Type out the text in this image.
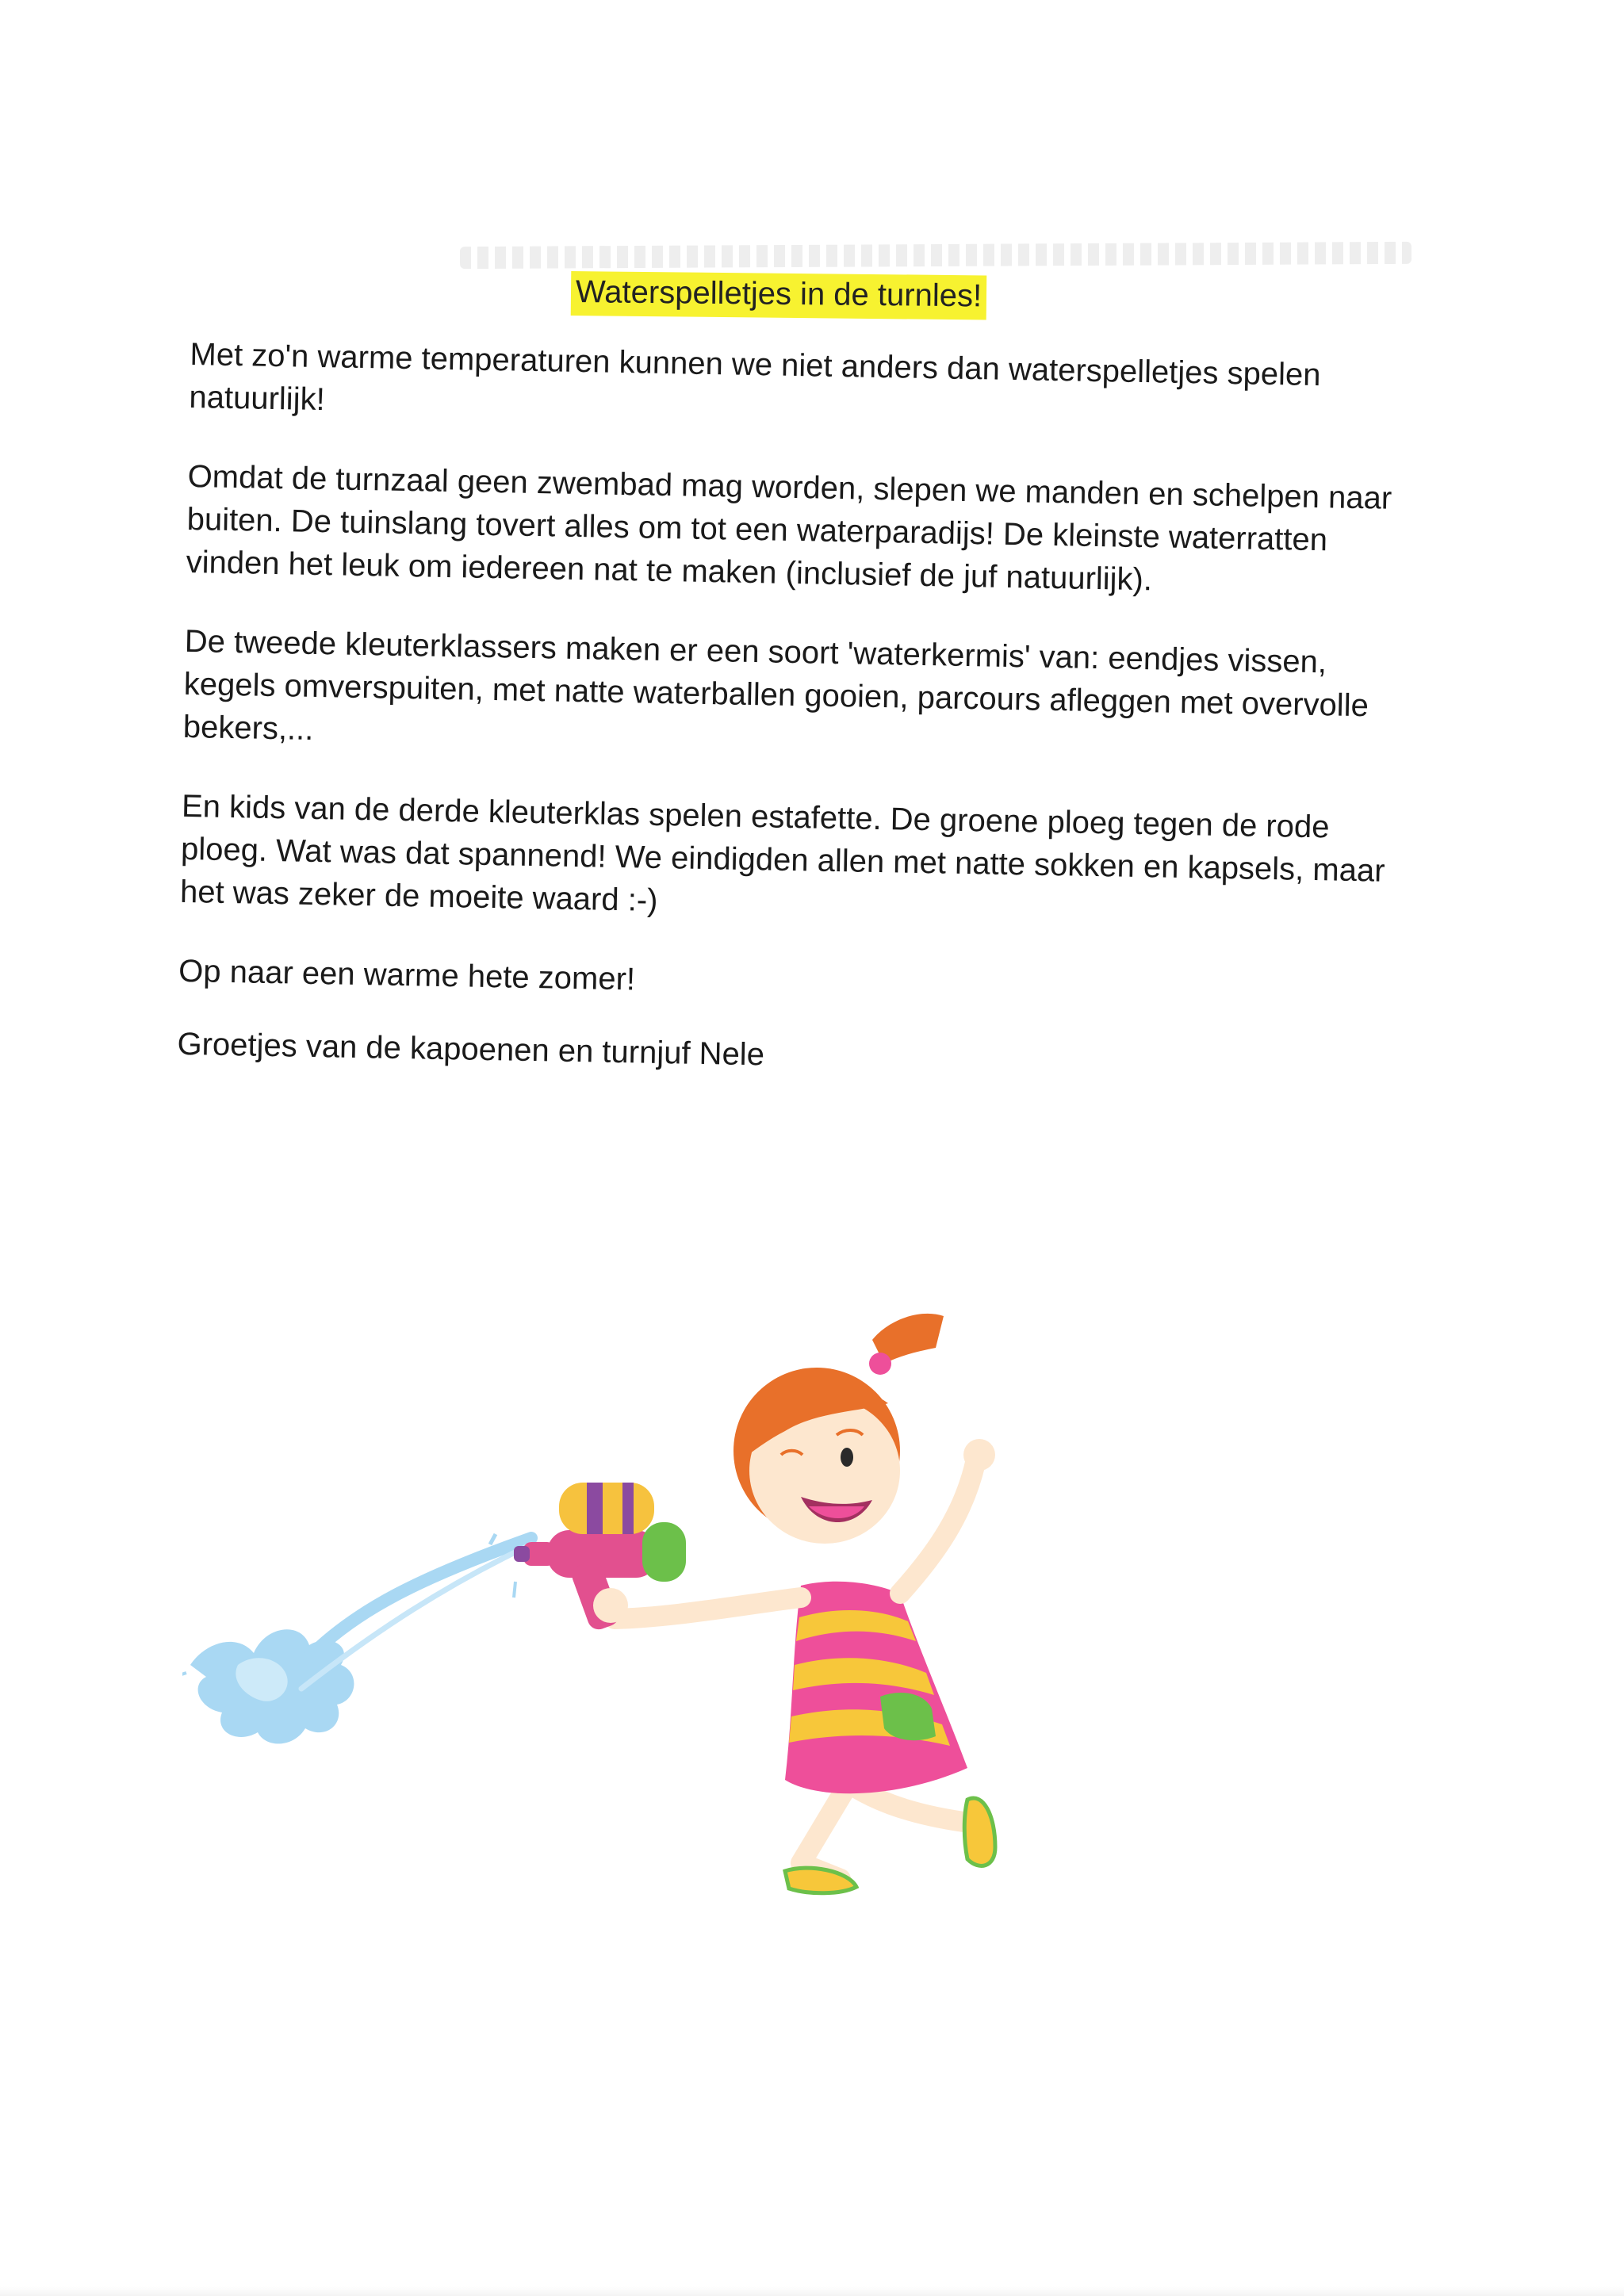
Waterspelletjes in de turnles!

Met zo'n warme temperaturen kunnen we niet anders dan waterspelletjes spelen natuurlijk!

Omdat de turnzaal geen zwembad mag worden, slepen we manden en schelpen naar buiten. De tuinslang tovert alles om tot een waterparadijs! De kleinste waterratten vinden het leuk om iedereen nat te maken (inclusief de juf natuurlijk).

De tweede kleuterklassers maken er een soort 'waterkermis' van: eendjes vissen, kegels omverspuiten, met natte waterballen gooien, parcours afleggen met overvolle bekers,...

En kids van de derde kleuterklas spelen estafette. De groene ploeg tegen de rode ploeg. Wat was dat spannend! We eindigden allen met natte sokken en kapsels, maar het was zeker de moeite waard :-)

Op naar een warme hete zomer!

Groetjes van de kapoenen en turnjuf Nele
